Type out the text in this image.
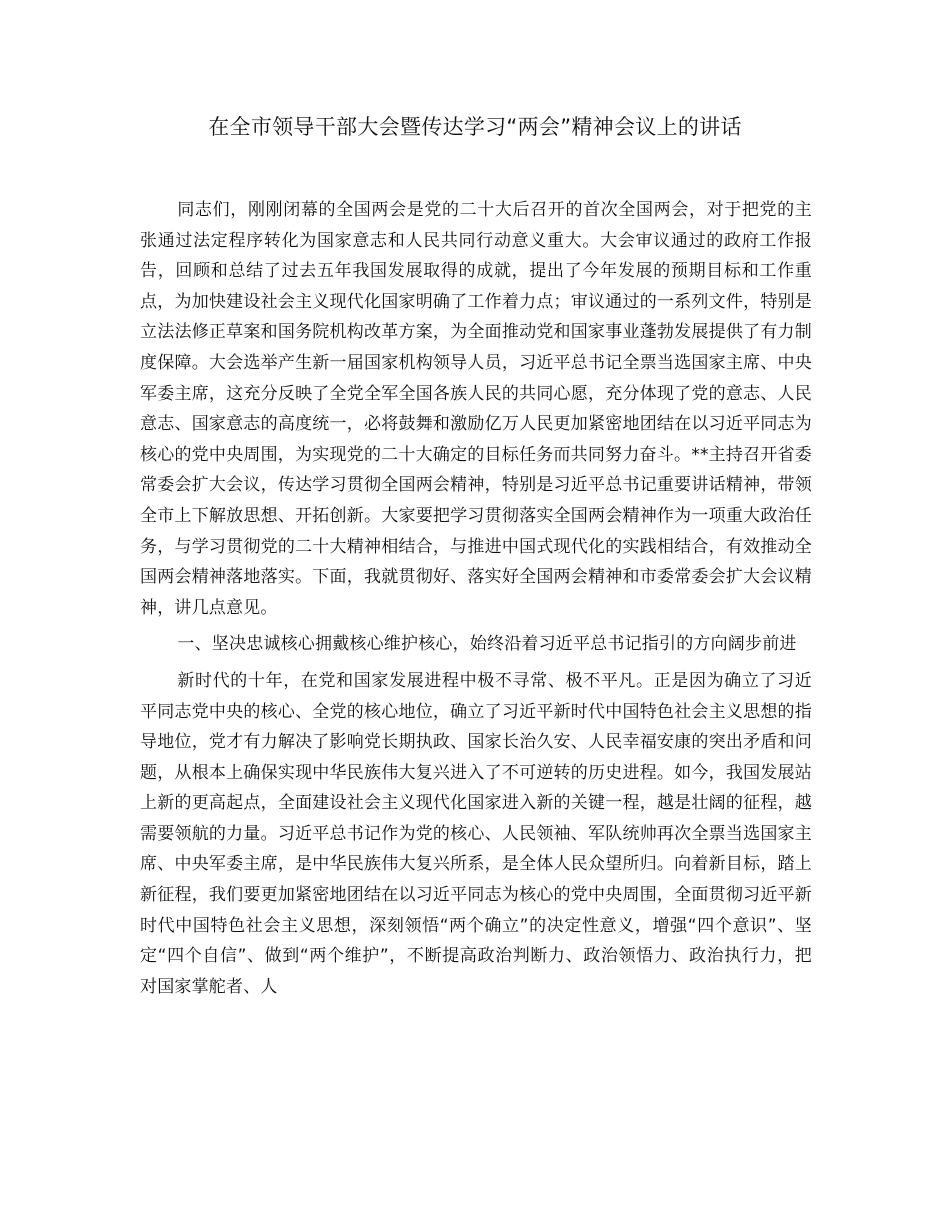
在全市领导干部大会暨传达学习“两会”精神会议上的讲话

同志们，刚刚闭幕的全国两会是党的二十大后召开的首次全国两会，对于把党的主张通过法定程序转化为国家意志和人民共同行动意义重大。大会审议通过的政府工作报告，回顾和总结了过去五年我国发展取得的成就，提出了今年发展的预期目标和工作重点，为加快建设社会主义现代化国家明确了工作着力点；审议通过的一系列文件，特别是立法法修正草案和国务院机构改革方案，为全面推动党和国家事业蓬勃发展提供了有力制度保障。大会选举产生新一届国家机构领导人员，习近平总书记全票当选国家主席、中央军委主席，这充分反映了全党全军全国各族人民的共同心愿，充分体现了党的意志、人民意志、国家意志的高度统一，必将鼓舞和激励亿万人民更加紧密地团结在以习近平同志为核心的党中央周围，为实现党的二十大确定的目标任务而共同努力奋斗。**主持召开省委常委会扩大会议，传达学习贯彻全国两会精神，特别是习近平总书记重要讲话精神，带领全市上下解放思想、开拓创新。大家要把学习贯彻落实全国两会精神作为一项重大政治任务，与学习贯彻党的二十大精神相结合，与推进中国式现代化的实践相结合，有效推动全国两会精神落地落实。下面，我就贯彻好、落实好全国两会精神和市委常委会扩大会议精神，讲几点意见。

一、坚决忠诚核心拥戴核心维护核心，始终沿着习近平总书记指引的方向阔步前进

新时代的十年，在党和国家发展进程中极不寻常、极不平凡。正是因为确立了习近平同志党中央的核心、全党的核心地位，确立了习近平新时代中国特色社会主义思想的指导地位，党才有力解决了影响党长期执政、国家长治久安、人民幸福安康的突出矛盾和问题，从根本上确保实现中华民族伟大复兴进入了不可逆转的历史进程。如今，我国发展站上新的更高起点，全面建设社会主义现代化国家进入新的关键一程，越是壮阔的征程，越需要领航的力量。习近平总书记作为党的核心、人民领袖、军队统帅再次全票当选国家主席、中央军委主席，是中华民族伟大复兴所系，是全体人民众望所归。向着新目标，踏上新征程，我们要更加紧密地团结在以习近平同志为核心的党中央周围，全面贯彻习近平新时代中国特色社会主义思想，深刻领悟“两个确立”的决定性意义，增强“四个意识”、坚定“四个自信”、做到“两个维护”，不断提高政治判断力、政治领悟力、政治执行力，把对国家掌舵者、人
